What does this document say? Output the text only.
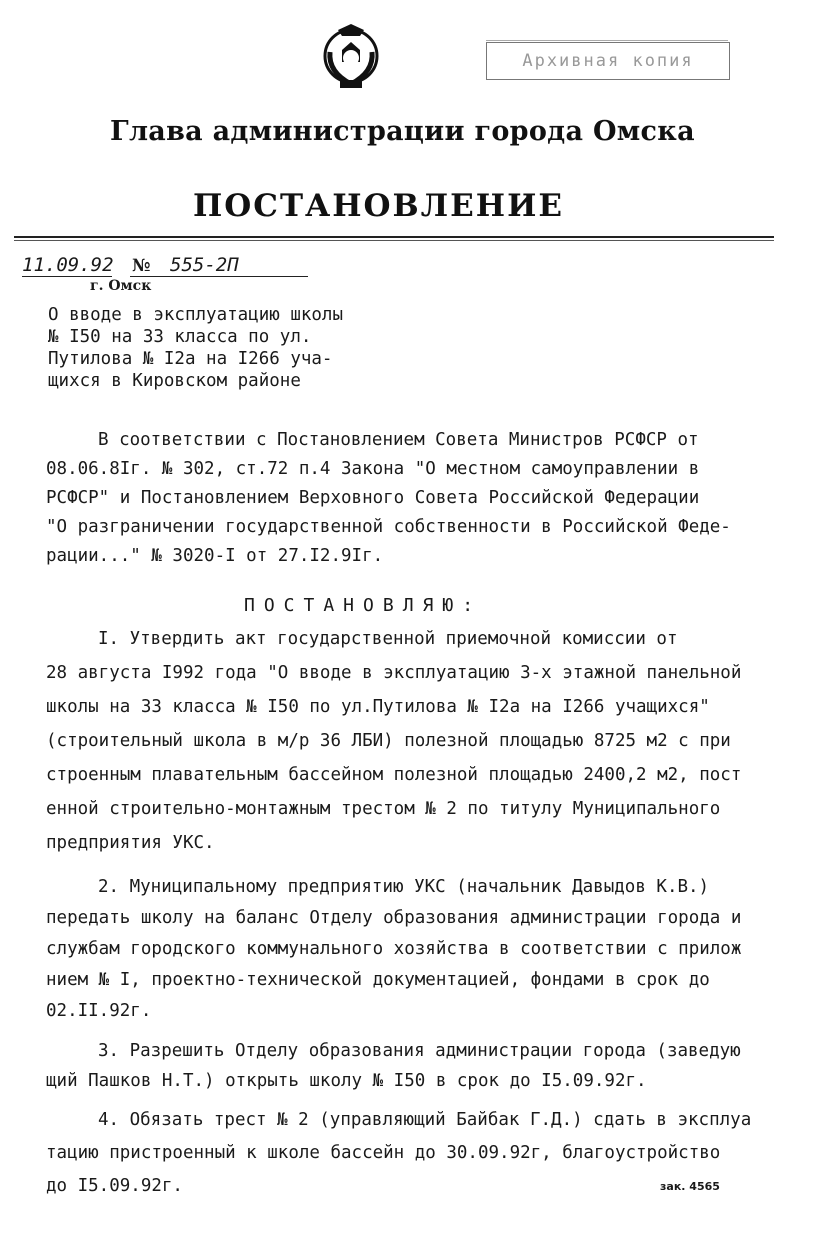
Архивная копия
Глава администрации города Омска
ПОСТАНОВЛЕНИЕ
11.09.92 № 555-2П
г. Омск
О вводе в эксплуатацию школы
№ I50 на 33 класса по ул.
Путилова № I2а на I266 уча-
щихся в Кировском районе
В соответствии с Постановлением Совета Министров РСФСР от
08.06.8Iг. № 302, ст.72 п.4 Закона "О местном самоуправлении в
РСФСР" и Постановлением Верховного Совета Российской Федерации
"О разграничении государственной собственности в Российской Феде-
рации..." № 3020-I от 27.I2.9Iг.
ПОСТАНОВЛЯЮ:
I. Утвердить акт государственной приемочной комиссии от
28 августа I992 года "О вводе в эксплуатацию 3-х этажной панельной
школы на 33 класса № I50 по ул.Путилова № I2а на I266 учащихся"
(строительный школа в м/р 36 ЛБИ) полезной площадью 8725 м2 с при
строенным плавательным бассейном полезной площадью 2400,2 м2, пост
енной строительно-монтажным трестом № 2 по титулу Муниципального
предприятия УКС.
2. Муниципальному предприятию УКС (начальник Давыдов К.В.)
передать школу на баланс Отделу образования администрации города и
службам городского коммунального хозяйства в соответствии с прилож
нием № I, проектно-технической документацией, фондами в срок до
02.II.92г.
3. Разрешить Отделу образования администрации города (заведую
щий Пашков Н.Т.) открыть школу № I50 в срок до I5.09.92г.
4. Обязать трест № 2 (управляющий Байбак Г.Д.) сдать в эксплуа
тацию пристроенный к школе бассейн до 30.09.92г, благоустройство
до I5.09.92г.	зак. 4565
